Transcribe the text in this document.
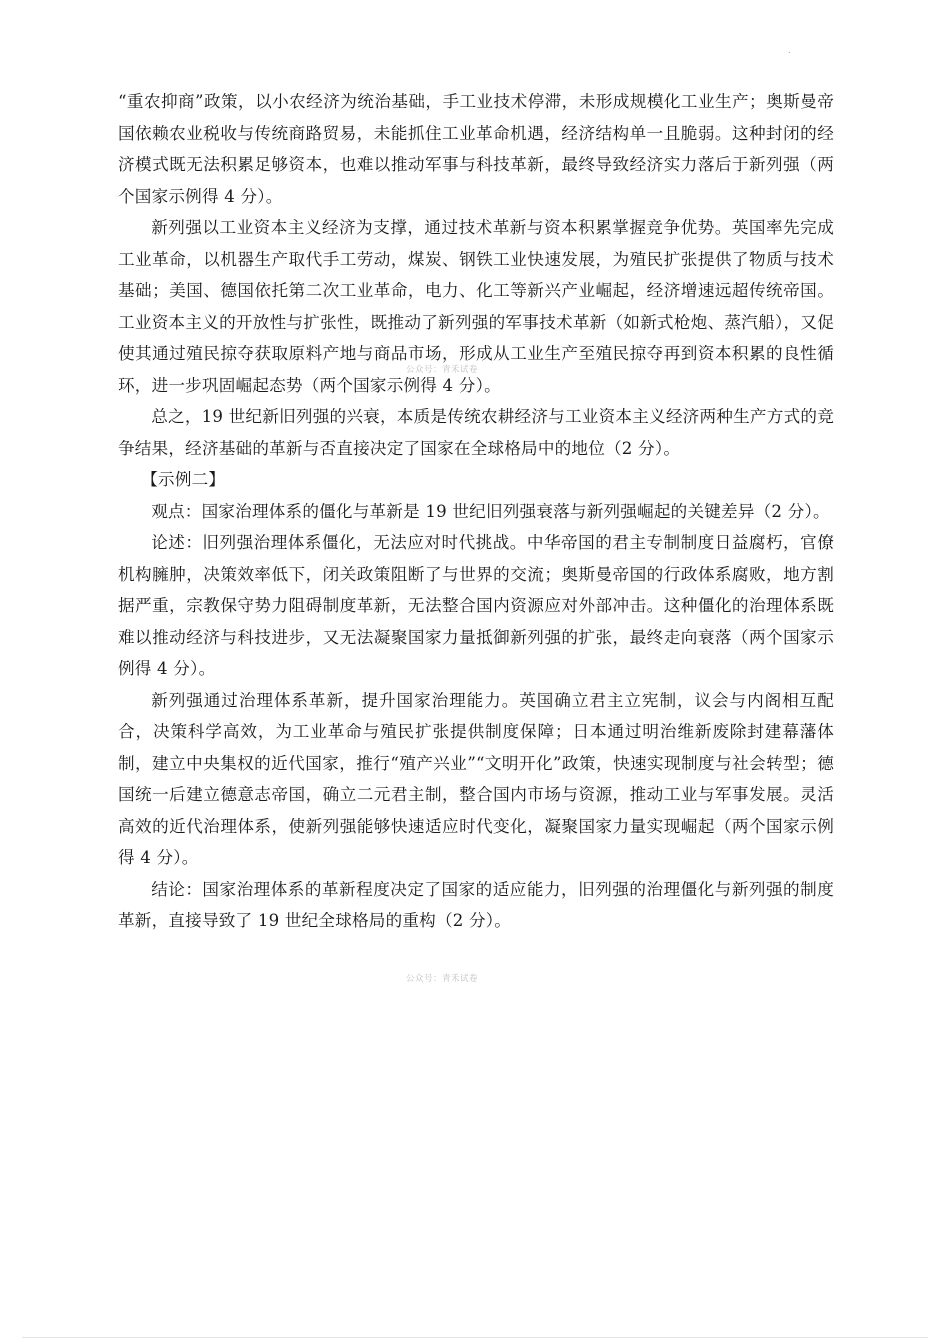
.

“重农抑商”政策，以小农经济为统治基础，手工业技术停滞，未形成规模化工业生产；奥斯曼帝国依赖农业税收与传统商路贸易，未能抓住工业革命机遇，经济结构单一且脆弱。这种封闭的经济模式既无法积累足够资本，也难以推动军事与科技革新，最终导致经济实力落后于新列强（两个国家示例得 4 分）。

新列强以工业资本主义经济为支撑，通过技术革新与资本积累掌握竞争优势。英国率先完成工业革命，以机器生产取代手工劳动，煤炭、钢铁工业快速发展，为殖民扩张提供了物质与技术基础；美国、德国依托第二次工业革命，电力、化工等新兴产业崛起，经济增速远超传统帝国。工业资本主义的开放性与扩张性，既推动了新列强的军事技术革新（如新式枪炮、蒸汽船），又促使其通过殖民掠夺获取原料产地与商品市场，形成从工业生产至殖民掠夺再到资本积累的良性循环，进一步巩固崛起态势（两个国家示例得 4 分）。

总之，19 世纪新旧列强的兴衰，本质是传统农耕经济与工业资本主义经济两种生产方式的竞争结果，经济基础的革新与否直接决定了国家在全球格局中的地位（2 分）。

【示例二】

观点：国家治理体系的僵化与革新是 19 世纪旧列强衰落与新列强崛起的关键差异（2 分）。

论述：旧列强治理体系僵化，无法应对时代挑战。中华帝国的君主专制制度日益腐朽，官僚机构臃肿，决策效率低下，闭关政策阻断了与世界的交流；奥斯曼帝国的行政体系腐败，地方割据严重，宗教保守势力阻碍制度革新，无法整合国内资源应对外部冲击。这种僵化的治理体系既难以推动经济与科技进步，又无法凝聚国家力量抵御新列强的扩张，最终走向衰落（两个国家示例得 4 分）。

新列强通过治理体系革新，提升国家治理能力。英国确立君主立宪制，议会与内阁相互配合，决策科学高效，为工业革命与殖民扩张提供制度保障；日本通过明治维新废除封建幕藩体制，建立中央集权的近代国家，推行“殖产兴业”“文明开化”政策，快速实现制度与社会转型；德国统一后建立德意志帝国，确立二元君主制，整合国内市场与资源，推动工业与军事发展。灵活高效的近代治理体系，使新列强能够快速适应时代变化，凝聚国家力量实现崛起（两个国家示例得 4 分）。

结论：国家治理体系的革新程度决定了国家的适应能力，旧列强的治理僵化与新列强的制度革新，直接导致了 19 世纪全球格局的重构（2 分）。

公众号：青禾试卷
公众号：青禾试卷
